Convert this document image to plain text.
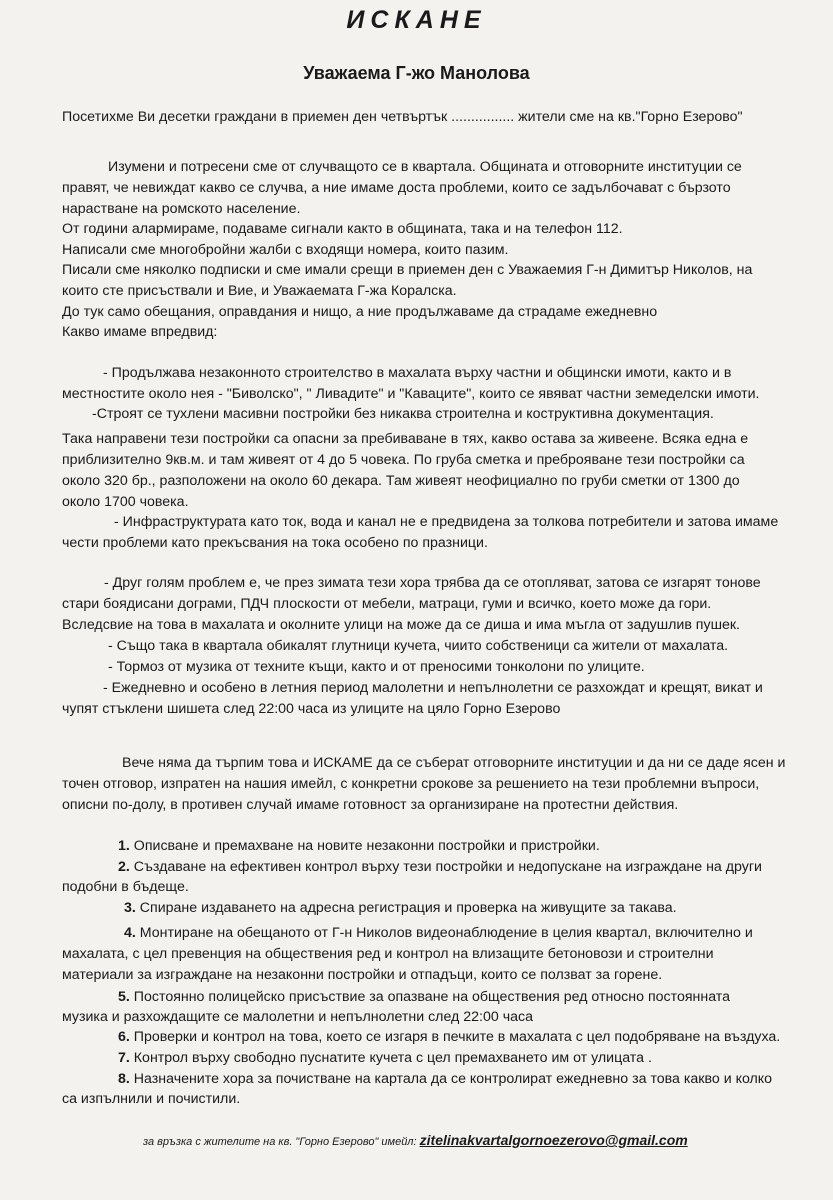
ИСКАНЕ
Уважаема Г-жо Манолова
Посетихме Ви десетки граждани в приемен ден четвъртък ................ жители сме на кв."Горно Езерово"
Изумени и потресени сме от случващото се в квартала. Общината и отговорните институции се
правят, че невиждат какво се случва, а ние имаме доста проблеми, които се задълбочават с бързото
нарастване на ромското население.
От години алармираме, подаваме сигнали както в общината, така и на телефон 112.
Написали сме многобройни жалби с входящи номера, които пазим.
Писали сме няколко подписки и сме имали срещи в приемен ден с Уважаемия Г-н Димитър Николов, на
които сте присъствали и Вие, и Уважаемата Г-жа Коралска.
До тук само обещания, оправдания и нищо, а ние продължаваме да страдаме ежедневно
Какво имаме впредвид:
- Продължава незаконното строителство в махалата върху частни и общински имоти, както и в
местностите около нея - "Биволско", " Ливадите" и "Кавацитe", които се явяват частни земеделски имоти.
-Строят се тухлени масивни постройки без никаква строителна и коструктивна документация.
Така направени тези постройки са опасни за пребиваване в тях, какво остава за живеене. Всяка една е
приблизително 9кв.м. и там живеят от 4 до 5 човека. По груба сметка и преброяване тези постройки са
около 320 бр., разположени на около 60 декара. Там живеят неофициално по груби сметки от 1300 до
около 1700 човека.
- Инфраструктурата като ток, вода и канал не е предвидена за толкова потребители и затова имаме
чести проблеми като прекъсвания на тока особено по празници.
- Друг голям проблем е, че през зимата тези хора трябва да се отопляват, затова се изгарят тонове
стари боядисани дограми, ПДЧ плоскости от мебели, матраци, гуми и всичко, което може да гори.
Вследсвие на това в махалата и околните улици на може да се диша и има мъгла от задушлив пушек.
- Също така в квартала обикалят глутници кучета, чиито собственици са жители от махалата.
- Тормоз от музика от техните къщи, както и от преносими тонколони по улиците.
- Ежедневно и особено в летния период малолетни и непълнолетни се разхождат и крещят, викат и
чупят стъклени шишета след 22:00 часа из улиците на цяло Горно Езерово
Вече няма да търпим това и ИСКАМЕ да се съберат отговорните институции и да ни се даде ясен и
точен отговор, изпратен на нашия имейл, с конкретни срокове за решението на тези проблемни въпроси,
описни по-долу, в противен случай имаме готовност за организиране на протестни действия.
1. Описване и премахване на новите незаконни постройки и пристройки.
2. Създаване на ефективен контрол върху тези постройки и недопускане на изграждане на други
подобни в бъдеще.
3. Спиране издаването на адресна регистрация и проверка на живущите за такава.
4. Монтиране на обещаното от Г-н Николов видеонаблюдение в целия квартал, включително и
махалата, с цел превенция на обществения ред и контрол на влизащите бетоновози и строителни
материали за изграждане на незаконни постройки и отпадъци, които се ползват за горене.
5. Постоянно полицейско присъствие за опазване на обществения ред относно постоянната
музика и разхождащите се малолетни и непълнолетни след 22:00 часа
6. Проверки и контрол на това, което се изгаря в печките в махалата с цел подобряване на въздуха.
7. Контрол върху свободно пуснатите кучета с цел премахването им от улицата .
8. Назначените хора за почистване на картала да се контролират ежедневно за това какво и колко
са изпълнили и почистили.
за връзка с жителите на кв. "Горно Езерово" имейл: zitelinakvartalgornoezerovo@gmail.com
